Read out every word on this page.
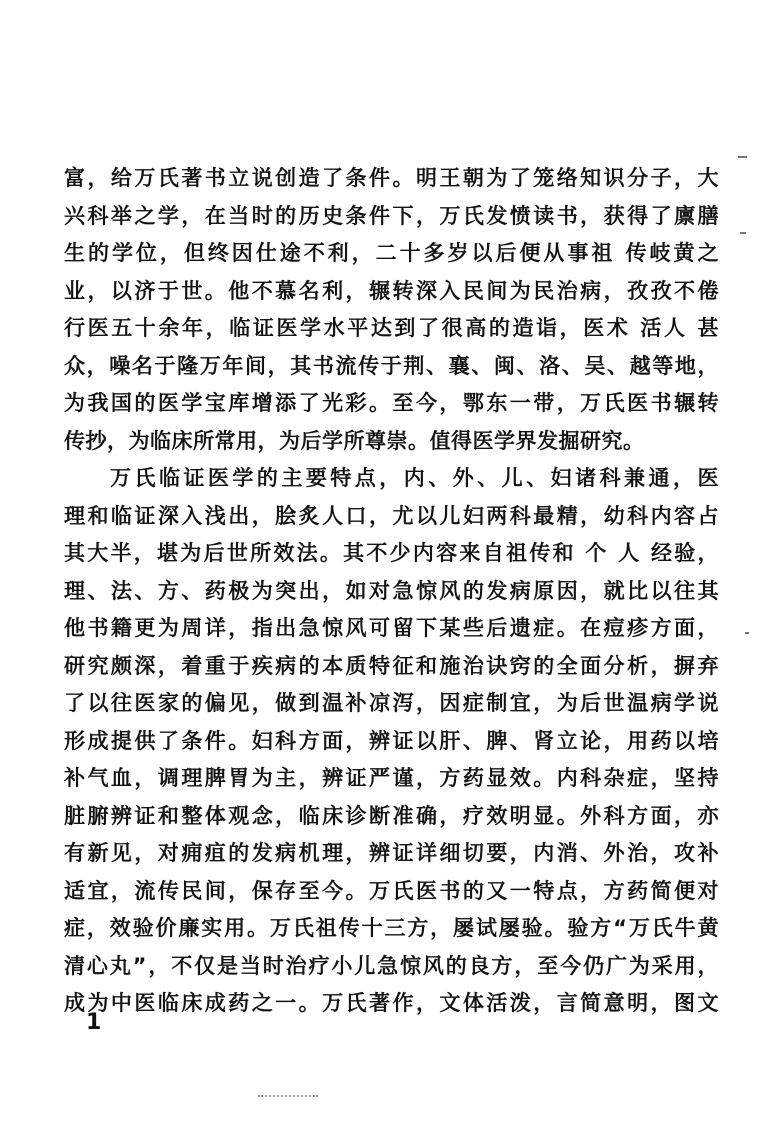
富，给万氏著书立说创造了条件。明王朝为了笼络知识分子，大
兴科举之学，在当时的历史条件下，万氏发愤读书，获得了廪膳
生的学位，但终因仕途不利，二十多岁以后便从事祖 传岐黄之
业，以济于世。他不慕名利，辗转深入民间为民治病，孜孜不倦
行医五十余年，临证医学水平达到了很高的造诣，医术 活人 甚
众，噪名于隆万年间，其书流传于荆、襄、闽、洛、吴、越等地，
为我国的医学宝库增添了光彩。至今，鄂东一带，万氏医书辗转
传抄，为临床所常用，为后学所尊崇。值得医学界发掘研究。
万氏临证医学的主要特点，内、外、儿、妇诸科兼通，医
理和临证深入浅出，脍炙人口，尤以儿妇两科最精，幼科内容占
其大半，堪为后世所效法。其不少内容来自祖传和 个 人 经验，
理、法、方、药极为突出，如对急惊风的发病原因，就比以往其
他书籍更为周详，指出急惊风可留下某些后遗症。在痘疹方面，
研究颇深，着重于疾病的本质特征和施治诀窍的全面分析，摒弃
了以往医家的偏见，做到温补凉泻，因症制宜，为后世温病学说
形成提供了条件。妇科方面，辨证以肝、脾、肾立论，用药以培
补气血，调理脾胃为主，辨证严谨，方药显效。内科杂症，坚持
脏腑辨证和整体观念，临床诊断准确，疗效明显。外科方面，亦
有新见，对痈疽的发病机理，辨证详细切要，内消、外治，攻补
适宜，流传民间，保存至今。万氏医书的又一特点，方药简便对
症，效验价廉实用。万氏祖传十三方，屡试屡验。验方“万氏牛黄
清心丸”，不仅是当时治疗小儿急惊风的良方，至今仍广为采用，
成为中医临床成药之一。万氏著作，文体活泼，言简意明，图文
1
